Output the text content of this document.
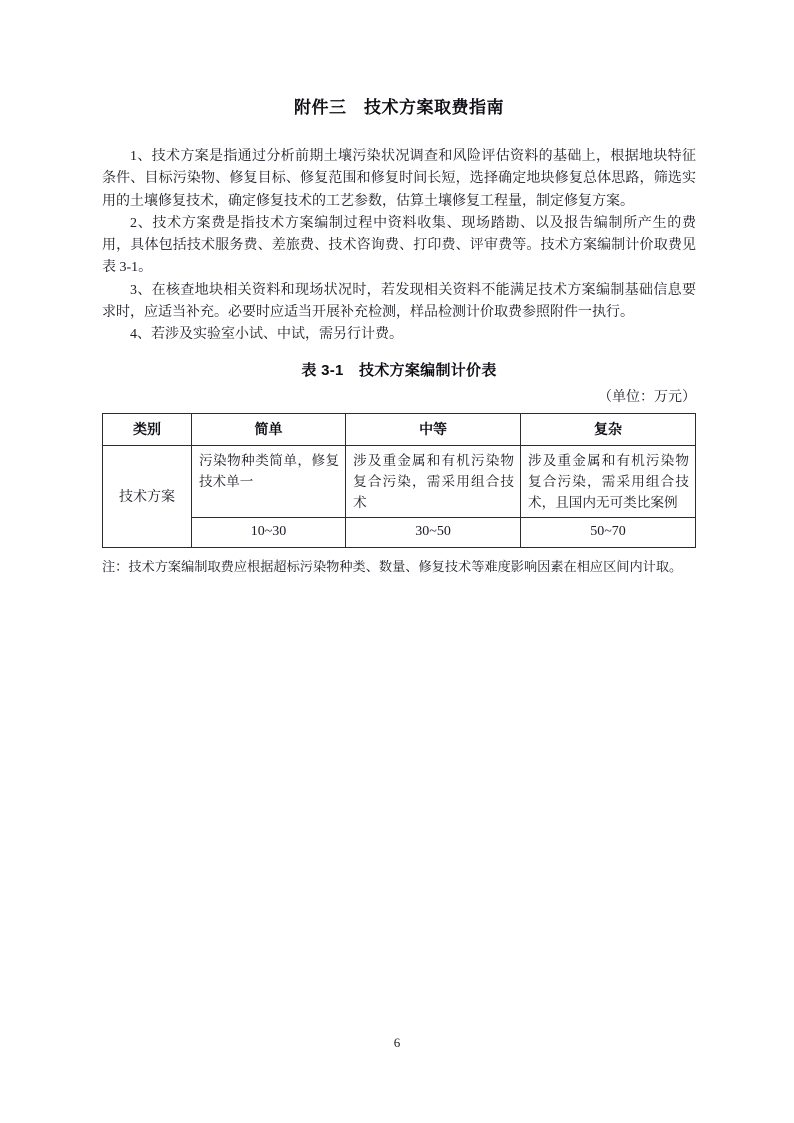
附件三　技术方案取费指南

1、技术方案是指通过分析前期土壤污染状况调查和风险评估资料的基础上，根据地块特征条件、目标污染物、修复目标、修复范围和修复时间长短，选择确定地块修复总体思路，筛选实用的土壤修复技术，确定修复技术的工艺参数，估算土壤修复工程量，制定修复方案。

2、技术方案费是指技术方案编制过程中资料收集、现场踏勘、以及报告编制所产生的费用，具体包括技术服务费、差旅费、技术咨询费、打印费、评审费等。技术方案编制计价取费见表 3-1。

3、在核查地块相关资料和现场状况时，若发现相关资料不能满足技术方案编制基础信息要求时，应适当补充。必要时应适当开展补充检测，样品检测计价取费参照附件一执行。

4、若涉及实验室小试、中试，需另行计费。

表 3-1　技术方案编制计价表

（单位：万元）

类别	简单	中等	复杂
技术方案	污染物种类简单，修复技术单一	涉及重金属和有机污染物复合污染，需采用组合技术	涉及重金属和有机污染物复合污染，需采用组合技术，且国内无可类比案例
	10~30	30~50	50~70

注：技术方案编制取费应根据超标污染物种类、数量、修复技术等难度影响因素在相应区间内计取。

6
